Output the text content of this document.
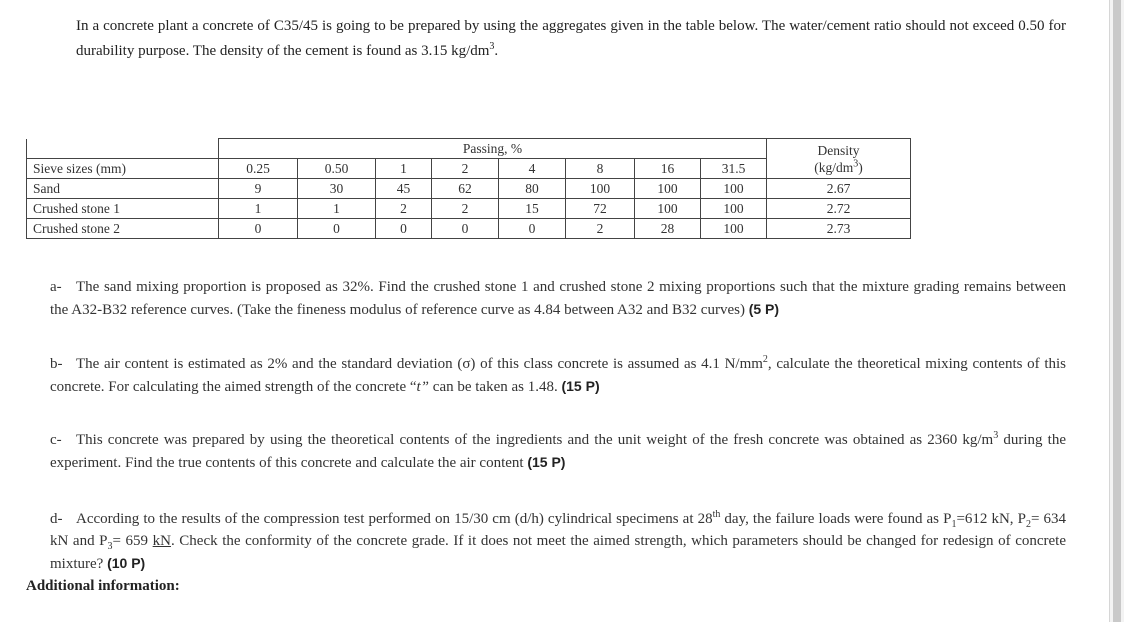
In a concrete plant a concrete of C35/45 is going to be prepared by using the aggregates given in the table below. The water/cement ratio should not exceed 0.50 for durability purpose. The density of the cement is found as 3.15 $kg/dm^3$.
	Passing, %								Density
$(kg/dm^3)$
Sieve sizes (mm)	0.25	0.50	1	2	4	8	16	31.5	
Sand	9	30	45	62	80	100	100	100	2.67
Crushed stone 1	1	1	2	2	15	72	100	100	2.72
Crushed stone 2	0	0	0	0	0	2	28	100	2.73
a- The sand mixing proportion is proposed as 32%. Find the crushed stone 1 and crushed stone 2 mixing proportions such that the mixture grading remains between the A32-B32 reference curves. (Take the fineness modulus of reference curve as 4.84 between A32 and B32 curves) (5 P)
b- The air content is estimated as 2% and the standard deviation (σ) of this class concrete is assumed as 4.1 $N/mm^2$, calculate the theoretical mixing contents of this concrete. For calculating the aimed strength of the concrete “t” can be taken as 1.48. (15 P)
c- This concrete was prepared by using the theoretical contents of the ingredients and the unit weight of the fresh concrete was obtained as 2360 $kg/m^3$ during the experiment. Find the true contents of this concrete and calculate the air content (15 P)
d- According to the results of the compression test performed on 15/30 cm (d/h) cylindrical specimens at 28th day, the failure loads were found as $P_1=612$ kN, $P_2= 634$ kN and $P_3= 659$ kN. Check the conformity of the concrete grade. If it does not meet the aimed strength, which parameters should be changed for redesign of concrete mixture? (10 P)
Additional information:
